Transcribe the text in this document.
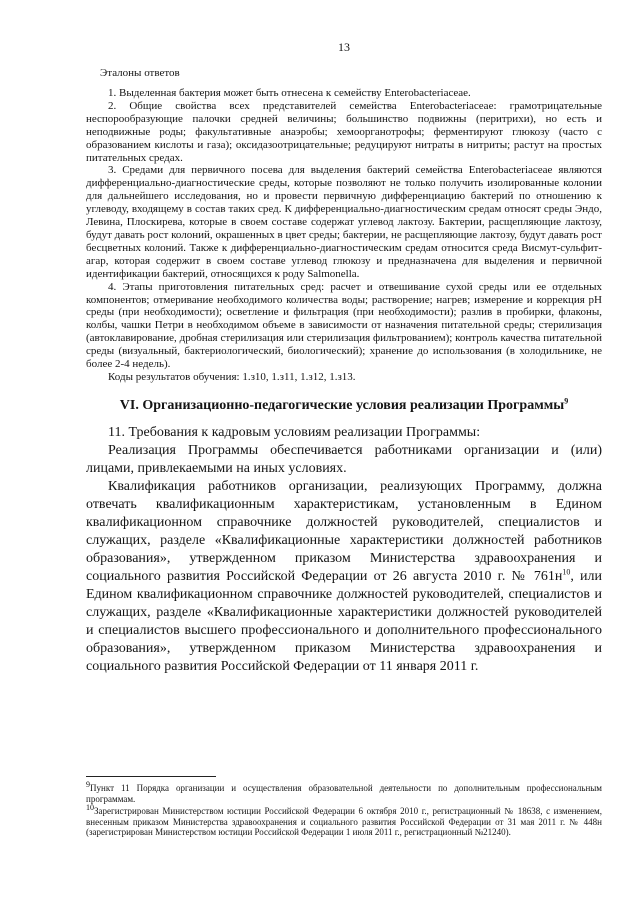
13
Эталоны ответов

1. Выделенная бактерия может быть отнесена к семейству Enterobacteriaceae.

2. Общие свойства всех представителей семейства Enterobacteriaceae: грамотрицательные неспорообразующие палочки средней величины; большинство подвижны (перитрихи), но есть и неподвижные роды; факультативные анаэробы; хемоорганотрофы; ферментируют глюкозу (часто с образованием кислоты и газа); оксидазоотрицательные; редуцируют нитраты в нитриты; растут на простых питательных средах.

3. Средами для первичного посева для выделения бактерий семейства Enterobacteriaceae являются дифференциально-диагностические среды, которые позволяют не только получить изолированные колонии для дальнейшего исследования, но и провести первичную дифференциацию бактерий по отношению к углеводу, входящему в состав таких сред. К дифференциально-диагностическим средам относят среды Эндо, Левина, Плоскирева, которые в своем составе содержат углевод лактозу. Бактерии, расщепляющие лактозу, будут давать рост колоний, окрашенных в цвет среды; бактерии, не расщепляющие лактозу, будут давать рост бесцветных колоний. Также к дифференциально-диагностическим средам относится среда Висмут-сульфит-агар, которая содержит в своем составе углевод глюкозу и предназначена для выделения и первичной идентификации бактерий, относящихся к роду Salmonella.

4. Этапы приготовления питательных сред: расчет и отвешивание сухой среды или ее отдельных компонентов; отмеривание необходимого количества воды; растворение; нагрев; измерение и коррекция pH среды (при необходимости); осветление и фильтрация (при необходимости); разлив в пробирки, флаконы, колбы, чашки Петри в необходимом объеме в зависимости от назначения питательной среды; стерилизация (автоклавирование, дробная стерилизация или стерилизация фильтрованием); контроль качества питательной среды (визуальный, бактериологический, биологический); хранение до использования (в холодильнике, не более 2-4 недель).

Коды результатов обучения: 1.з10, 1.з11, 1.з12, 1.з13.

VI. Организационно-педагогические условия реализации Программы$^9$

11. Требования к кадровым условиям реализации Программы:

Реализация Программы обеспечивается работниками организации и (или) лицами, привлекаемыми на иных условиях.

Квалификация работников организации, реализующих Программу, должна отвечать квалификационным характеристикам, установленным в Едином квалификационном справочнике должностей руководителей, специалистов и служащих, разделе «Квалификационные характеристики должностей работников образования», утвержденном приказом Министерства здравоохранения и социального развития Российской Федерации от 26 августа 2010 г. № $761н^{10}$, или Едином квалификационном справочнике должностей руководителей, специалистов и служащих, разделе «Квалификационные характеристики должностей руководителей и специалистов высшего профессионального и дополнительного профессионального образования», утвержденном приказом Министерства здравоохранения и социального развития Российской Федерации от 11 января 2011 г.

$^9$Пункт 11 Порядка организации и осуществления образовательной деятельности по дополнительным профессиональным программам.

$^{10}$Зарегистрирован Министерством юстиции Российской Федерации 6 октября 2010 г., регистрационный № 18638, с изменением, внесенным приказом Министерства здравоохранения и социального развития Российской Федерации от 31 мая 2011 г. № 448н (зарегистрирован Министерством юстиции Российской Федерации 1 июля 2011 г., регистрационный №21240).
